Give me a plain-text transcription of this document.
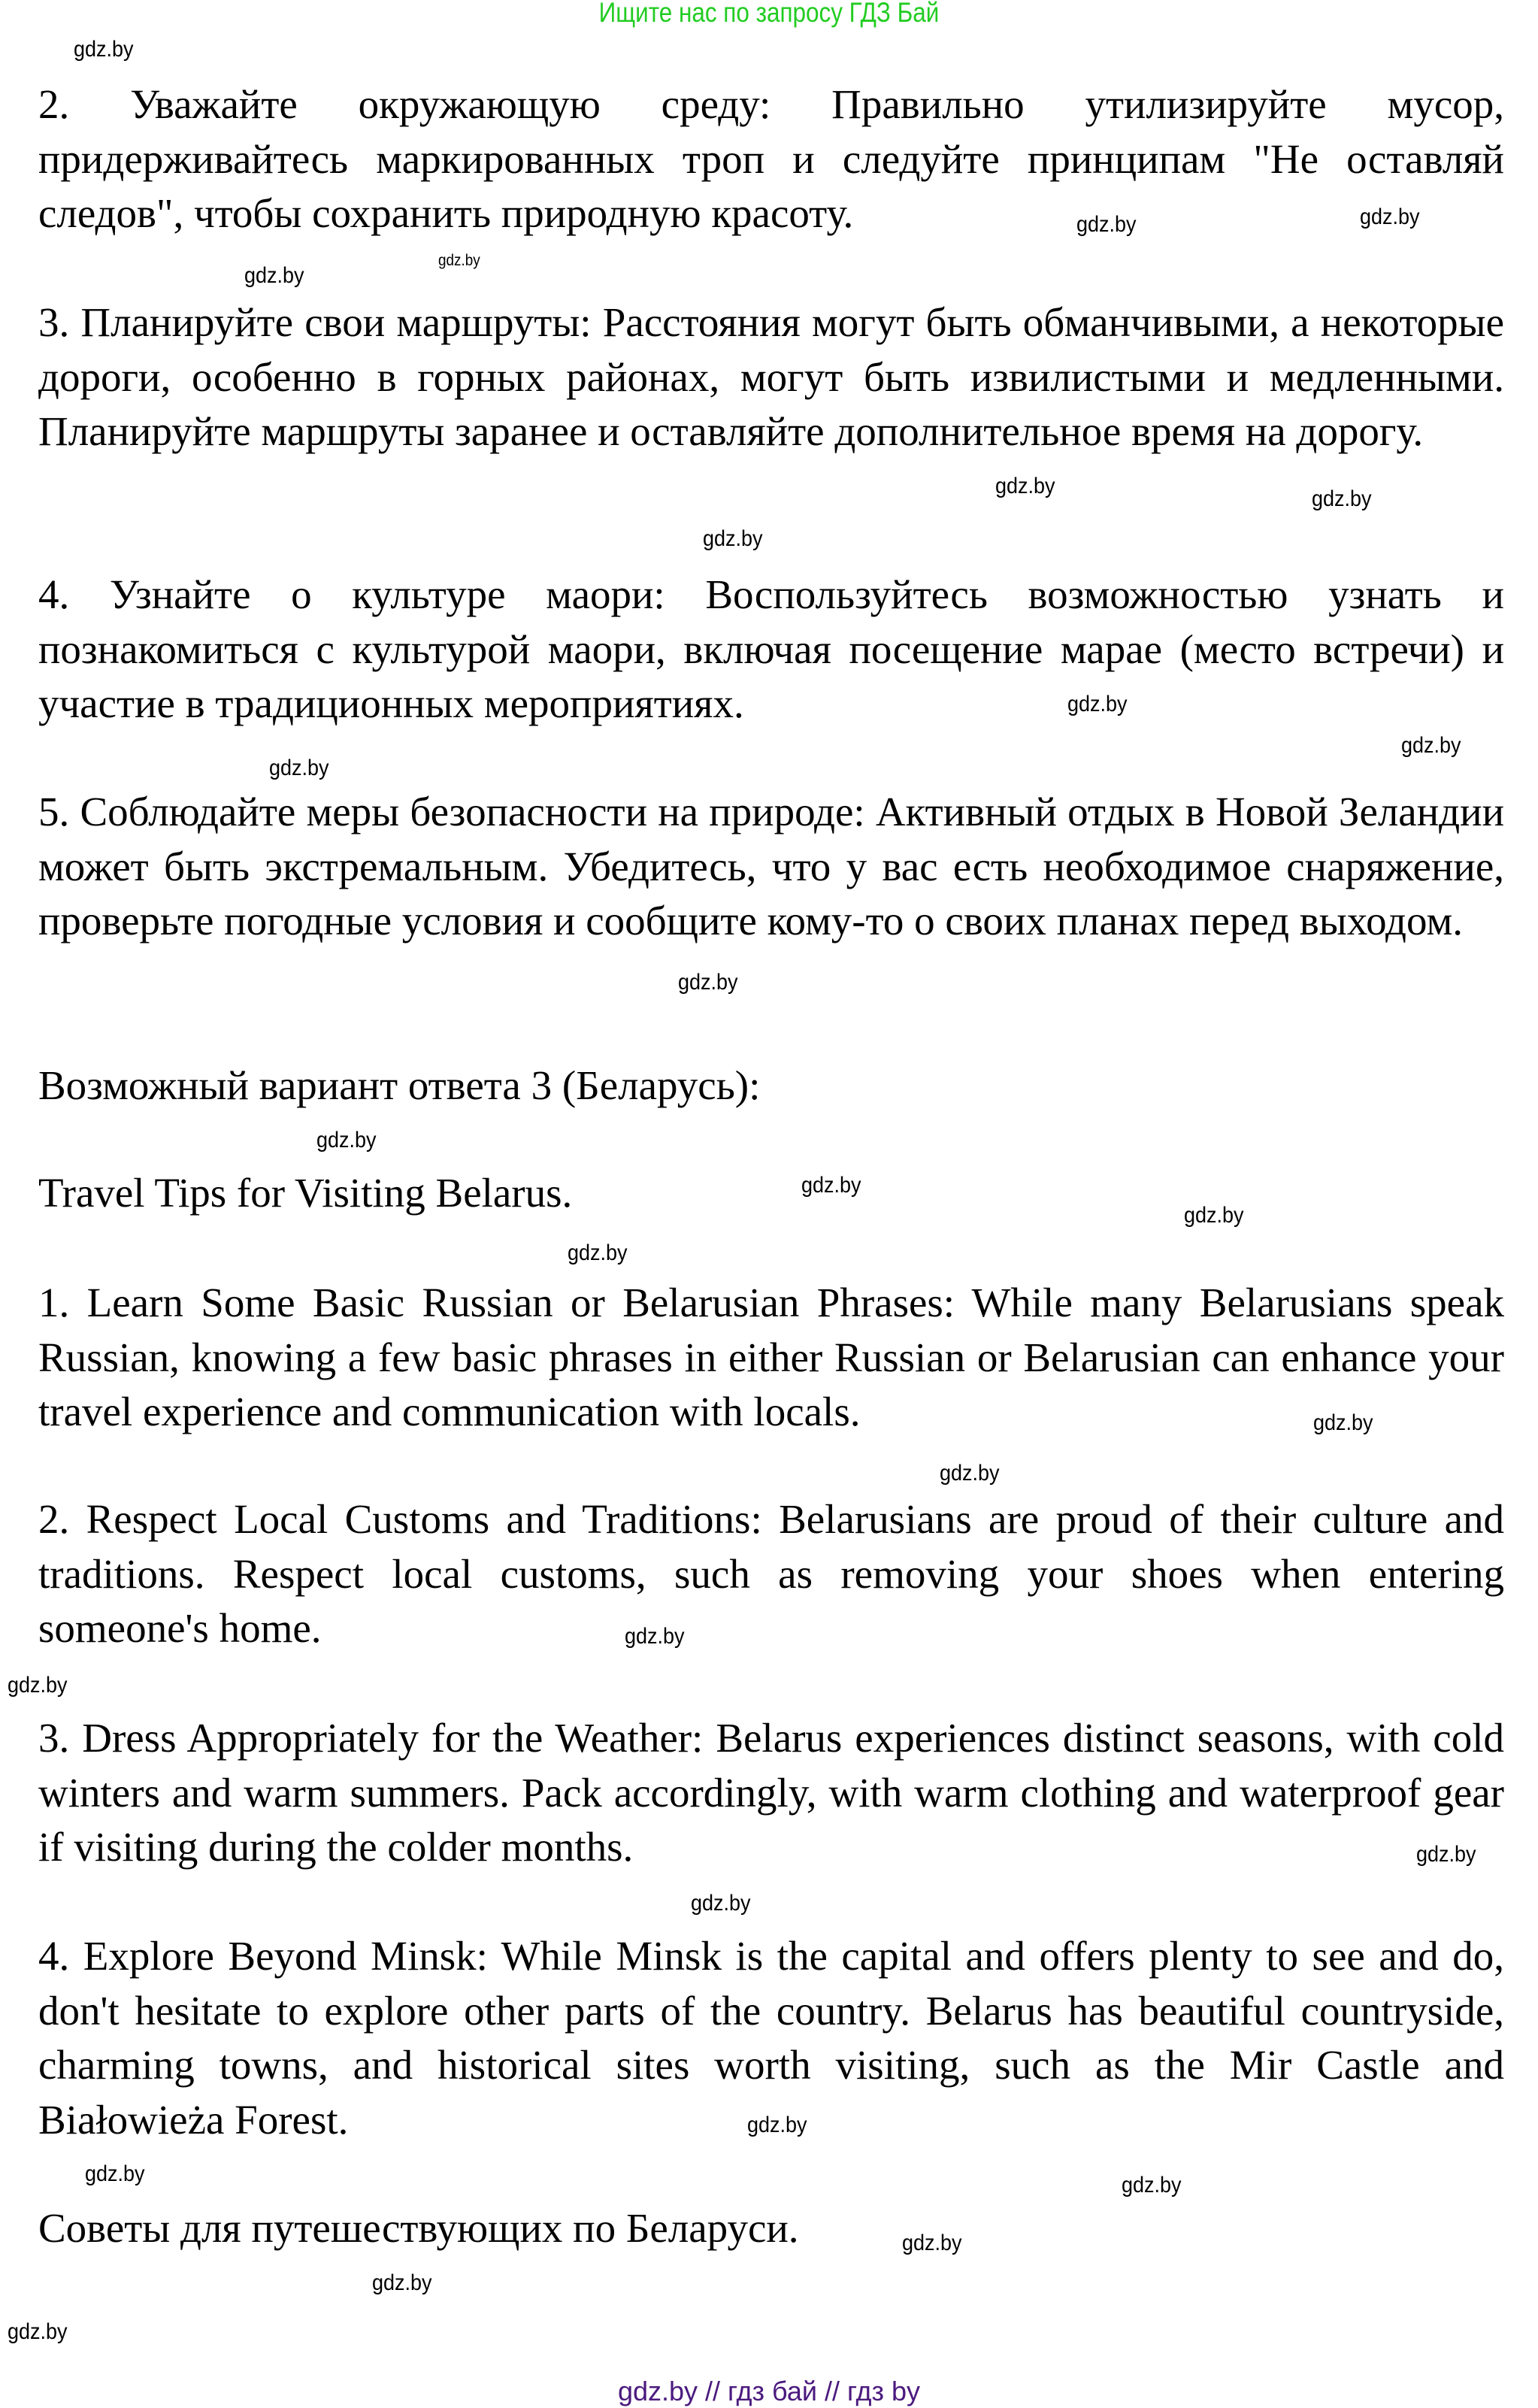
Ищите нас по запросу ГДЗ Бай

2. Уважайте окружающую среду: Правильно утилизируйте мусор, придерживайтесь маркированных троп и следуйте принципам "Не оставляй следов", чтобы сохранить природную красоту.

3. Планируйте свои маршруты: Расстояния могут быть обманчивыми, а некоторые дороги, особенно в горных районах, могут быть извилистыми и медленными. Планируйте маршруты заранее и оставляйте дополнительное время на дорогу.

4. Узнайте о культуре маори: Воспользуйтесь возможностью узнать и познакомиться с культурой маори, включая посещение марае (место встречи) и участие в традиционных мероприятиях.

5. Соблюдайте меры безопасности на природе: Активный отдых в Новой Зеландии может быть экстремальным. Убедитесь, что у вас есть необходимое снаряжение, проверьте погодные условия и сообщите кому-то о своих планах перед выходом.

Возможный вариант ответа 3 (Беларусь):

Travel Tips for Visiting Belarus.

1. Learn Some Basic Russian or Belarusian Phrases: While many Belarusians speak Russian, knowing a few basic phrases in either Russian or Belarusian can enhance your travel experience and communication with locals.

2. Respect Local Customs and Traditions: Belarusians are proud of their culture and traditions. Respect local customs, such as removing your shoes when entering someone's home.

3. Dress Appropriately for the Weather: Belarus experiences distinct seasons, with cold winters and warm summers. Pack accordingly, with warm clothing and waterproof gear if visiting during the colder months.

4. Explore Beyond Minsk: While Minsk is the capital and offers plenty to see and do, don't hesitate to explore other parts of the country. Belarus has beautiful countryside, charming towns, and historical sites worth visiting, such as the Mir Castle and Białowieża Forest.

Советы для путешествующих по Беларуси.

gdz.by
gdz.by
gdz.by
gdz.by
gdz.by
gdz.by
gdz.by
gdz.by
gdz.by
gdz.by
gdz.by
gdz.by
gdz.by
gdz.by
gdz.by
gdz.by
gdz.by
gdz.by
gdz.by
gdz.by
gdz.by
gdz.by
gdz.by
gdz.by	gdz.by
gdz.by
gdz.by
gdz.by
gdz.by // гдз бай // гдз by
